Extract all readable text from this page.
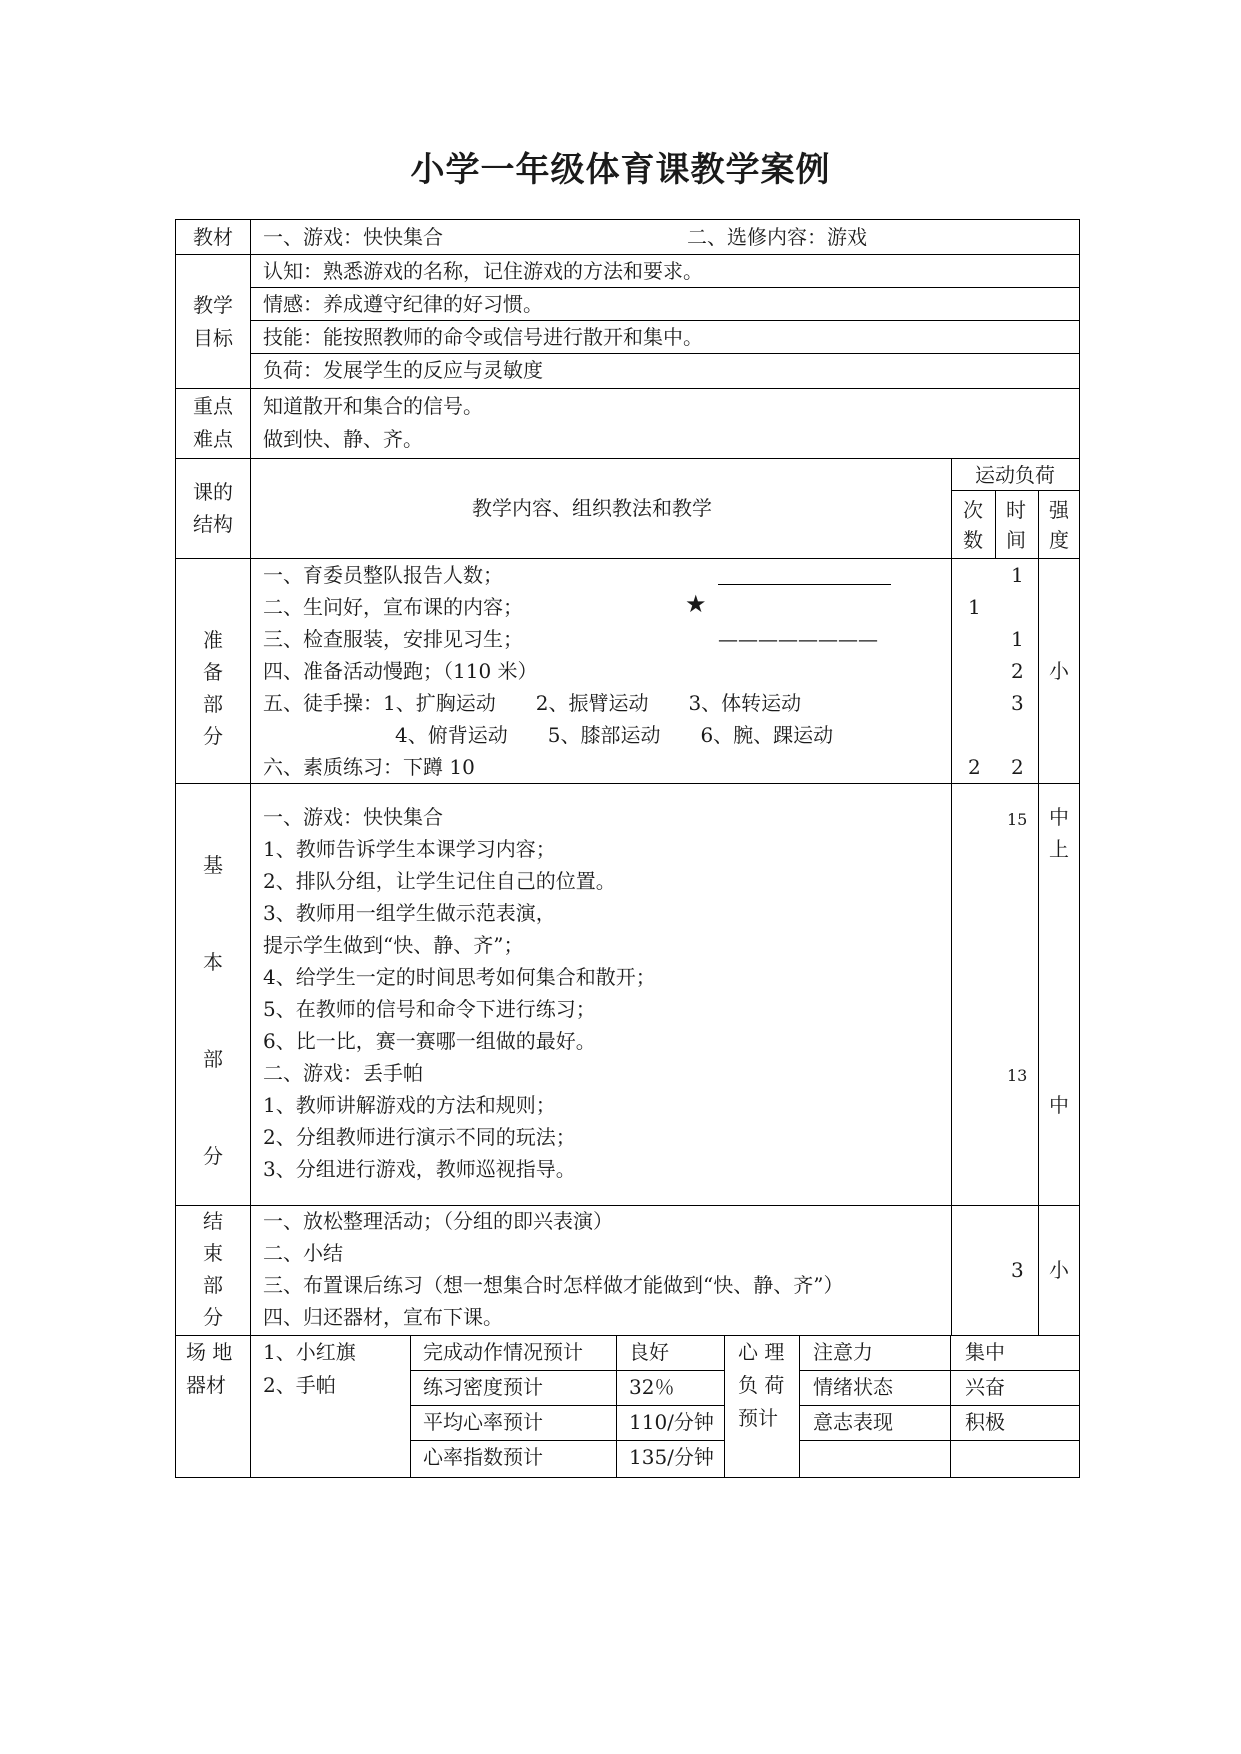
小学一年级体育课教学案例
教材 一、游戏：快快集合	二、选修内容：游戏
教学
目标
认知：熟悉游戏的名称，记住游戏的方法和要求。
情感：养成遵守纪律的好习惯。
技能：能按照教师的命令或信号进行散开和集中。
负荷：发展学生的反应与灵敏度
重点
难点
知道散开和集合的信号。
做到快、静、齐。
课的
结构
教学内容、组织教法和教学
运动负荷
次
数
时
间
强
度
准
备
部
分
一、育委员整队报告人数；
二、生问好，宣布课的内容；
三、检查服装，安排见习生；
四、准备活动慢跑；（110 米）
五、徒手操：1、扩胸运动　　2、振臂运动　　3、体转运动
4、俯背运动　　5、膝部运动　　6、腕、踝运动
六、素质练习：下蹲 10
★
————————
1
2
1
1
2
3
2
小
基
本
部
分
一、游戏：快快集合
1、教师告诉学生本课学习内容；
2、排队分组，让学生记住自己的位置。
3、教师用一组学生做示范表演，
提示学生做到“快、静、齐”；
4、给学生一定的时间思考如何集合和散开；
5、在教师的信号和命令下进行练习；
6、比一比，赛一赛哪一组做的最好。
二、游戏：丢手帕
1、教师讲解游戏的方法和规则；
2、分组教师进行演示不同的玩法；
3、分组进行游戏，教师巡视指导。
15
13
中
上
中
结
束
部
分
一、放松整理活动；（分组的即兴表演）
二、小结
三、布置课后练习（想一想集合时怎样做才能做到“快、静、齐”）
四、归还器材，宣布下课。
3 小
场 地
器材
1、小红旗
2、手帕
完成动作情况预计
练习密度预计
平均心率预计
心率指数预计
良好
32％
110/分钟
135/分钟
心 理
负 荷
预计
注意力
情绪状态
意志表现
集中
兴奋
积极
